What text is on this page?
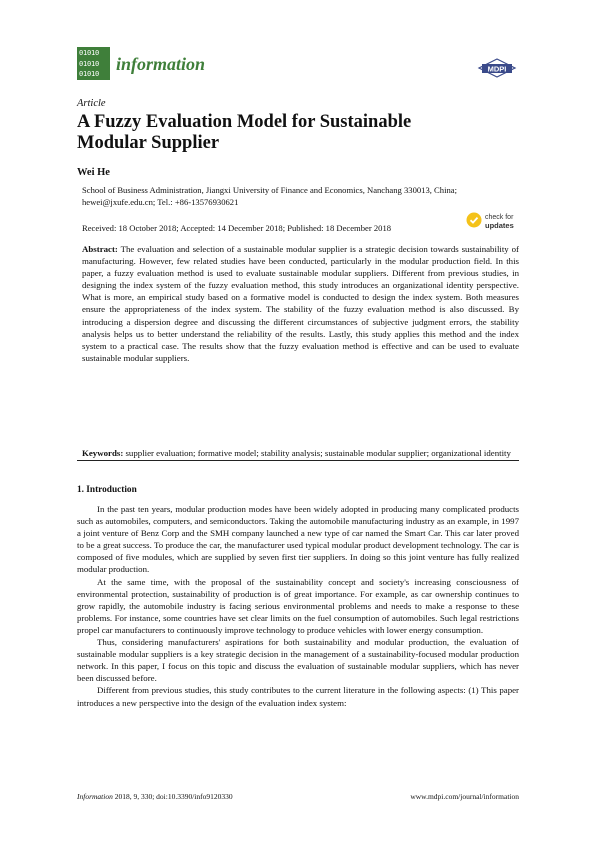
01010
01010
01010 information	MDPI
Article
A Fuzzy Evaluation Model for Sustainable Modular Supplier
Wei He
School of Business Administration, Jiangxi University of Finance and Economics, Nanchang 330013, China; hewei@jxufe.edu.cn; Tel.: +86-13576930621
Received: 18 October 2018; Accepted: 14 December 2018; Published: 18 December 2018
check for
updates
Abstract: The evaluation and selection of a sustainable modular supplier is a strategic decision towards sustainability of manufacturing. However, few related studies have been conducted, particularly in the modular production field. In this paper, a fuzzy evaluation method is used to evaluate sustainable modular suppliers. Different from previous studies, in designing the index system of the fuzzy evaluation method, this study introduces an organizational identity perspective. What is more, an empirical study based on a formative model is conducted to design the index system. Both measures ensure the appropriateness of the index system. The stability of the fuzzy evaluation method is also discussed. By introducing a dispersion degree and discussing the different circumstances of subjective judgment errors, the stability analysis helps us to better understand the reliability of the results. Lastly, this study applies this method and the index system to a practical case. The results show that the fuzzy evaluation method is effective and can be used to evaluate sustainable modular suppliers.
Keywords: supplier evaluation; formative model; stability analysis; sustainable modular supplier; organizational identity
1. Introduction

In the past ten years, modular production modes have been widely adopted in producing many complicated products such as automobiles, computers, and semiconductors. Taking the automobile manufacturing industry as an example, in 1997 a joint venture of Benz Corp and the SMH company launched a new type of car named the Smart Car. This car later proved to be a great success. To produce the car, the manufacturer used typical modular product development technology. The car is composed of five modules, which are supplied by seven first tier suppliers. In doing so this joint venture has fully realized modular production.

At the same time, with the proposal of the sustainability concept and society's increasing consciousness of environmental protection, sustainability of production is of great importance. For example, as car ownership continues to grow rapidly, the automobile industry is facing serious environmental problems and needs to make a response to these problems. For instance, some countries have set clear limits on the fuel consumption of automobiles. Such legal restrictions propel car manufacturers to continuously improve technology to produce vehicles with lower energy consumption.

Thus, considering manufacturers' aspirations for both sustainability and modular production, the evaluation of sustainable modular suppliers is a key strategic decision in the management of a sustainability-focused modular production network. In this paper, I focus on this topic and discuss the evaluation of sustainable modular suppliers, which has never been discussed before.

Different from previous studies, this study contributes to the current literature in the following aspects: (1) This paper introduces a new perspective into the design of the evaluation index system:

Information 2018, 9, 330; doi:10.3390/info9120330	www.mdpi.com/journal/information
